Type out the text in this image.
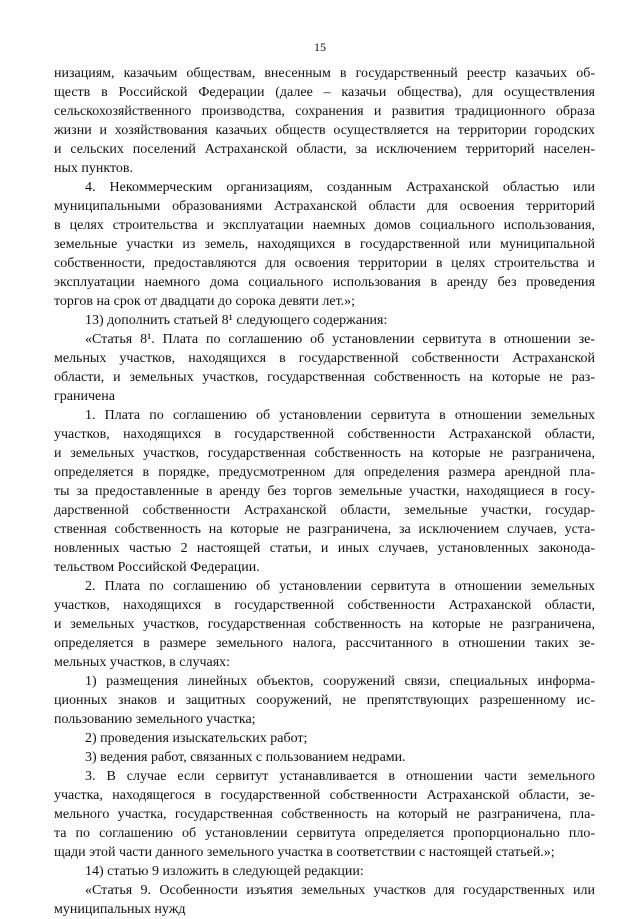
15
низациям, казачьим обществам, внесенным в государственный реестр казачьих об-
ществ в Российской Федерации (далее – казачьи общества), для осуществления
сельскохозяйственного производства, сохранения и развития традиционного образа
жизни и хозяйствования казачьих обществ осуществляется на территории городских
и сельских поселений Астраханской области, за исключением территорий населен-
ных пунктов.
4. Некоммерческим организациям, созданным Астраханской областью или
муниципальными образованиями Астраханской области для освоения территорий
в целях строительства и эксплуатации наемных домов социального использования,
земельные участки из земель, находящихся в государственной или муниципальной
собственности, предоставляются для освоения территории в целях строительства и
эксплуатации наемного дома социального использования в аренду без проведения
торгов на срок от двадцати до сорока девяти лет.»;
13) дополнить статьей 8¹ следующего содержания:
«Статья 8¹. Плата по соглашению об установлении сервитута в отношении зе-
мельных участков, находящихся в государственной собственности Астраханской
области, и земельных участков, государственная собственность на которые не раз-
граничена
1. Плата по соглашению об установлении сервитута в отношении земельных
участков, находящихся в государственной собственности Астраханской области,
и земельных участков, государственная собственность на которые не разграничена,
определяется в порядке, предусмотренном для определения размера арендной пла-
ты за предоставленные в аренду без торгов земельные участки, находящиеся в госу-
дарственной собственности Астраханской области, земельные участки, государ-
ственная собственность на которые не разграничена, за исключением случаев, уста-
новленных частью 2 настоящей статьи, и иных случаев, установленных законода-
тельством Российской Федерации.
2. Плата по соглашению об установлении сервитута в отношении земельных
участков, находящихся в государственной собственности Астраханской области,
и земельных участков, государственная собственность на которые не разграничена,
определяется в размере земельного налога, рассчитанного в отношении таких зе-
мельных участков, в случаях:
1) размещения линейных объектов, сооружений связи, специальных информа-
ционных знаков и защитных сооружений, не препятствующих разрешенному ис-
пользованию земельного участка;
2) проведения изыскательских работ;
3) ведения работ, связанных с пользованием недрами.
3. В случае если сервитут устанавливается в отношении части земельного
участка, находящегося в государственной собственности Астраханской области, зе-
мельного участка, государственная собственность на который не разграничена, пла-
та по соглашению об установлении сервитута определяется пропорционально пло-
щади этой части данного земельного участка в соответствии с настоящей статьей.»;
14) статью 9 изложить в следующей редакции:
«Статья 9. Особенности изъятия земельных участков для государственных или
муниципальных нужд
